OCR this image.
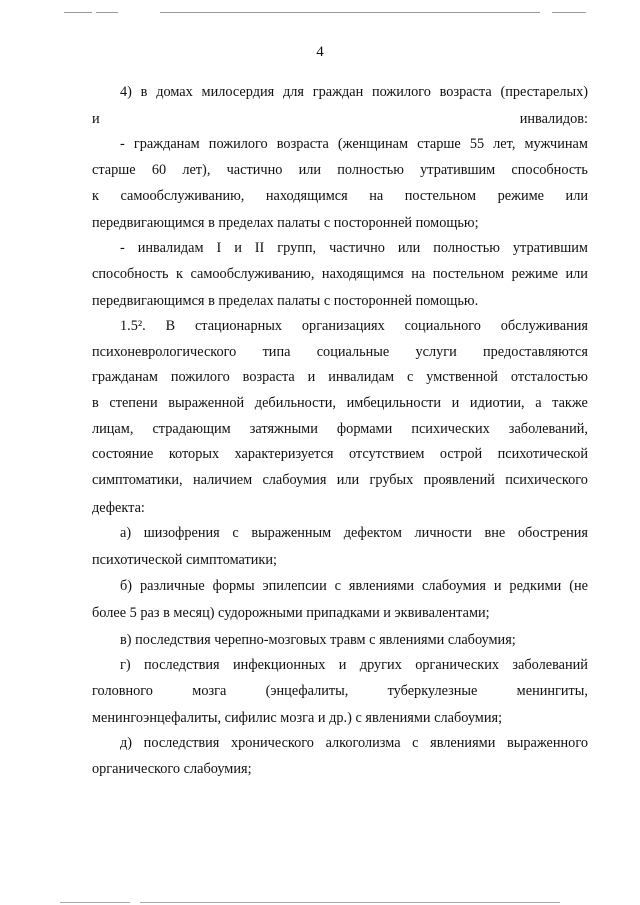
4
4) в домах милосердия для граждан пожилого возраста (престарелых)
и	инвалидов:
- гражданам пожилого возраста (женщинам старше 55 лет, мужчинам
старше 60 лет), частично или полностью утратившим способность
к самообслуживанию, находящимся на постельном режиме или
передвигающимся в пределах палаты с посторонней помощью;
- инвалидам I и II групп, частично или полностью утратившим
способность к самообслуживанию, находящимся на постельном режиме или
передвигающимся в пределах палаты с посторонней помощью.
1.5². В стационарных организациях социального обслуживания
психоневрологического типа социальные услуги предоставляются
гражданам пожилого возраста и инвалидам с умственной отсталостью
в степени выраженной дебильности, имбецильности и идиотии, а также
лицам, страдающим затяжными формами психических заболеваний,
состояние которых характеризуется отсутствием острой психотической
симптоматики, наличием слабоумия или грубых проявлений психического
дефекта:
а) шизофрения с выраженным дефектом личности вне обострения
психотической симптоматики;
б) различные формы эпилепсии с явлениями слабоумия и редкими (не
более 5 раз в месяц) судорожными припадками и эквивалентами;
в) последствия черепно-мозговых травм с явлениями слабоумия;
г) последствия инфекционных и других органических заболеваний
головного	мозга	(энцефалиты,	туберкулезные	менингиты,
менингоэнцефалиты, сифилис мозга и др.) с явлениями слабоумия;
д) последствия хронического алкоголизма с явлениями выраженного
органического слабоумия;
